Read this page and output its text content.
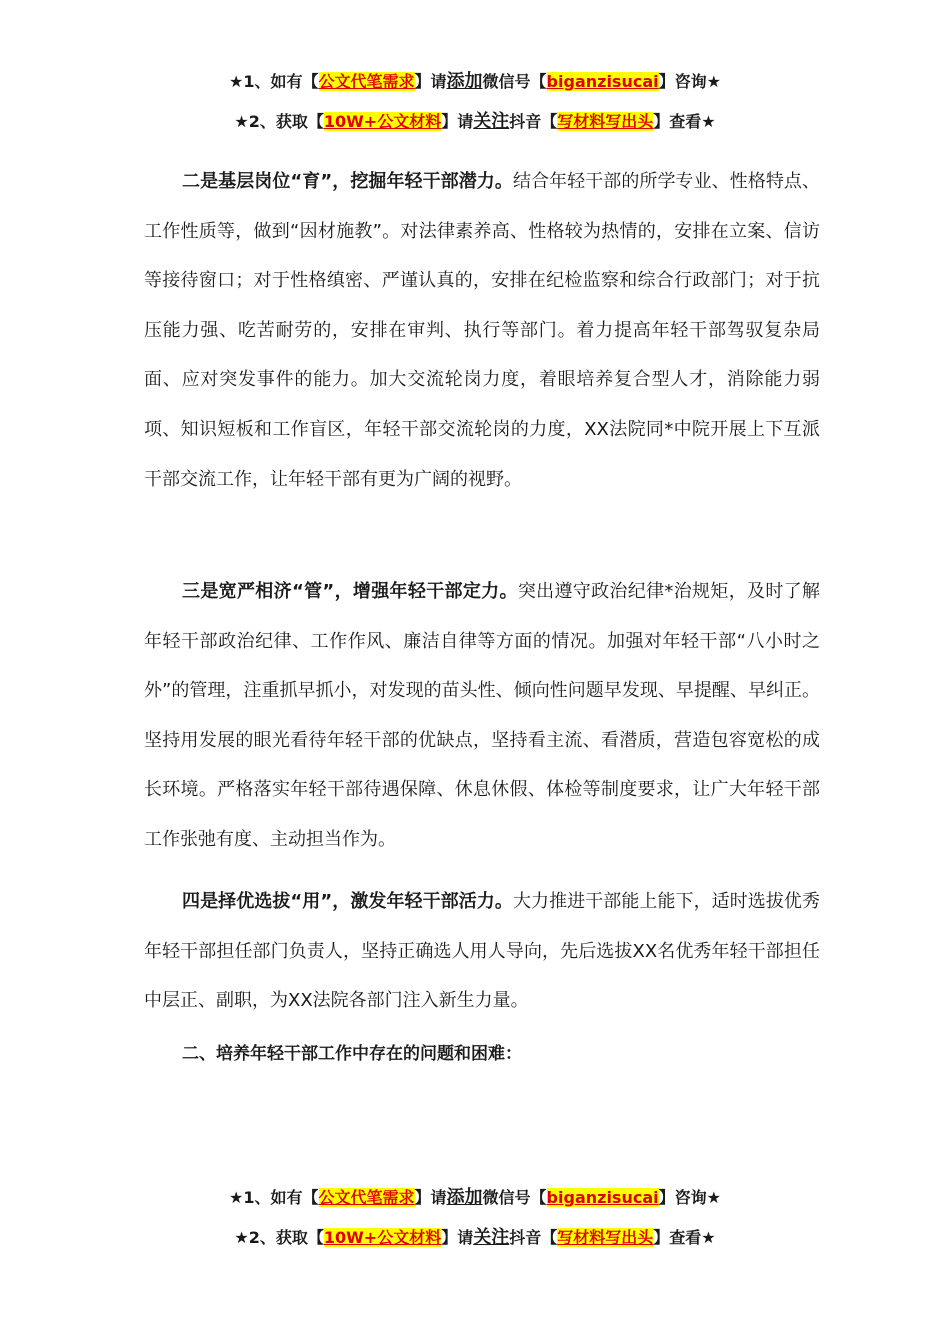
★1、如有【公文代笔需求】请添加微信号【biganzisucai】咨询★
★2、获取【10W+公文材料】请关注抖音【写材料写出头】查看★

二是基层岗位“育”，挖掘年轻干部潜力。结合年轻干部的所学专业、性格特点、工作性质等，做到“因材施教”。对法律素养高、性格较为热情的，安排在立案、信访等接待窗口；对于性格缜密、严谨认真的，安排在纪检监察和综合行政部门；对于抗压能力强、吃苦耐劳的，安排在审判、执行等部门。着力提高年轻干部驾驭复杂局面、应对突发事件的能力。加大交流轮岗力度，着眼培养复合型人才，消除能力弱项、知识短板和工作盲区，年轻干部交流轮岗的力度，XX法院同*中院开展上下互派干部交流工作，让年轻干部有更为广阔的视野。

三是宽严相济“管”，增强年轻干部定力。突出遵守政治纪律*治规矩，及时了解年轻干部政治纪律、工作作风、廉洁自律等方面的情况。加强对年轻干部“八小时之外”的管理，注重抓早抓小，对发现的苗头性、倾向性问题早发现、早提醒、早纠正。坚持用发展的眼光看待年轻干部的优缺点，坚持看主流、看潜质，营造包容宽松的成长环境。严格落实年轻干部待遇保障、休息休假、体检等制度要求，让广大年轻干部工作张弛有度、主动担当作为。

四是择优选拔“用”，激发年轻干部活力。大力推进干部能上能下，适时选拔优秀年轻干部担任部门负责人，坚持正确选人用人导向，先后选拔XX名优秀年轻干部担任中层正、副职，为XX法院各部门注入新生力量。

二、培养年轻干部工作中存在的问题和困难：

★1、如有【公文代笔需求】请添加微信号【biganzisucai】咨询★
★2、获取【10W+公文材料】请关注抖音【写材料写出头】查看★
